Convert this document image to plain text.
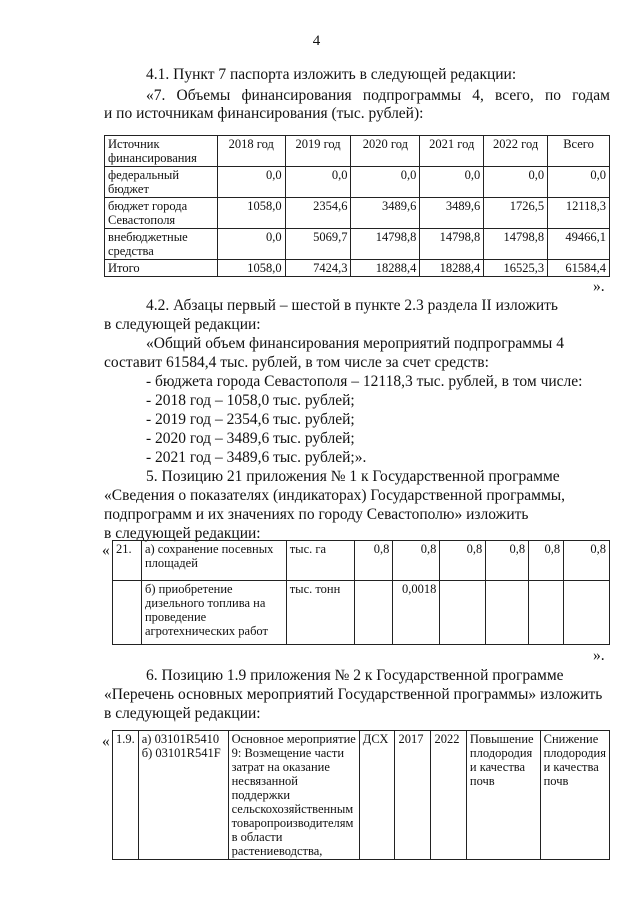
4
4.1. Пункт 7 паспорта изложить в следующей редакции:
«7. Объемы финансирования подпрограммы 4, всего, по годам
и по источникам финансирования (тыс. рублей):
Источник финансирования	2018 год	2019 год	2020 год	2021 год	2022 год	Всего
федеральный бюджет	0,0	0,0	0,0	0,0	0,0	0,0
бюджет города Севастополя	1058,0	2354,6	3489,6	3489,6	1726,5	12118,3
внебюджетные средства	0,0	5069,7	14798,8	14798,8	14798,8	49466,1
Итого	1058,0	7424,3	18288,4	18288,4	16525,3	61584,4
».
4.2. Абзацы первый – шестой в пункте 2.3 раздела II изложить
в следующей редакции:
«Общий объем финансирования мероприятий подпрограммы 4
составит 61584,4 тыс. рублей, в том числе за счет средств:
- бюджета города Севастополя – 12118,3 тыс. рублей, в том числе:
- 2018 год – 1058,0 тыс. рублей;
- 2019 год – 2354,6 тыс. рублей;
- 2020 год – 3489,6 тыс. рублей;
- 2021 год – 3489,6 тыс. рублей;».
5. Позицию 21 приложения № 1 к Государственной программе
«Сведения о показателях (индикаторах) Государственной программы,
подпрограмм и их значениях по городу Севастополю» изложить
в следующей редакции:
« 21.	а) сохранение посевных площадей	тыс. га	0,8	0,8	0,8	0,8	0,8	0,8
	б) приобретение дизельного топлива на проведение агротехнических работ	тыс. тонн		0,0018				
».
6. Позицию 1.9 приложения № 2 к Государственной программе
«Перечень основных мероприятий Государственной программы» изложить
в следующей редакции:
« 1.9.	а) 03101R5410 б) 03101R541F	Основное мероприятие 9: Возмещение части затрат на оказание несвязанной поддержки сельскохозяйственным товаропроизводителям в области растениеводства,	ДСХ	2017	2022	Повышение плодородия и качества почв	Снижение плодородия и качества почв
